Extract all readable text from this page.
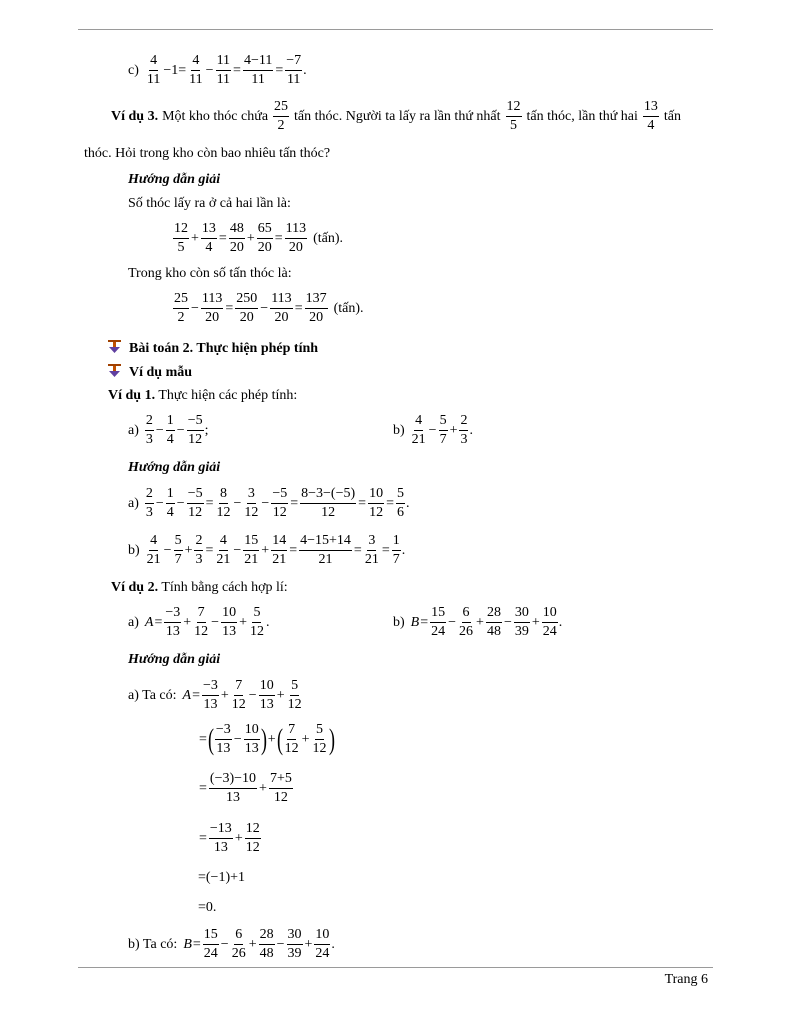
$c) \frac{4}{11} -1= \frac{4}{11} - \frac{11}{11} = \frac{4-11}{11} = \frac{-7}{11}$ .
Ví dụ 3. Một kho thóc chứa $\frac{25}{2}$ tấn thóc. Người ta lấy ra lần thứ nhất $\frac{12}{5}$ tấn thóc, lần thứ hai $\frac{13}{4}$ tấn
thóc. Hỏi trong kho còn bao nhiêu tấn thóc?
Hướng dẫn giải
Số thóc lấy ra ở cả hai lần là:
$\frac{12}{5} + \frac{13}{4} = \frac{48}{20} + \frac{65}{20} = \frac{113}{20}$ (tấn).
Trong kho còn số tấn thóc là:
$\frac{25}{2} - \frac{113}{20} = \frac{250}{20} - \frac{113}{20} = \frac{137}{20}$ (tấn).
Bài toán 2. Thực hiện phép tính
Ví dụ mẫu
Ví dụ 1. Thực hiện các phép tính:
$a) \frac{2}{3} - \frac{1}{4} - \frac{-5}{12}$ ;	$b) \frac{4}{21} - \frac{5}{7} + \frac{2}{3}$ .
Hướng dẫn giải
$a) \frac{2}{3} - \frac{1}{4} - \frac{-5}{12} = \frac{8}{12} - \frac{3}{12} - \frac{-5}{12} = \frac{8-3-(-5)}{12} = \frac{10}{12} = \frac{5}{6}$ .
$b) \frac{4}{21} - \frac{5}{7} + \frac{2}{3} = \frac{4}{21} - \frac{15}{21} + \frac{14}{21} = \frac{4-15+14}{21} = \frac{3}{21} = \frac{1}{7}$ .
Ví dụ 2. Tính bằng cách hợp lí:
a) $A = \frac{-3}{13} + \frac{7}{12} - \frac{10}{13} + \frac{5}{12}$ .	b) $B = \frac{15}{24} - \frac{6}{26} + \frac{28}{48} - \frac{30}{39} + \frac{10}{24}$ .
Hướng dẫn giải
a) Ta có: $A = \frac{-3}{13} + \frac{7}{12} - \frac{10}{13} + \frac{5}{12}$
= ( $\frac{-3}{13} - \frac{10}{13}$ ) + ( $\frac{7}{12} + \frac{5}{12}$ )
= $\frac{(-3)-10}{13} + \frac{7+5}{12}$
= $\frac{-13}{13} + \frac{12}{12}$
=(−1)+1
=0.
b) Ta có: $B = \frac{15}{24} - \frac{6}{26} + \frac{28}{48} - \frac{30}{39} + \frac{10}{24}$ .
Trang 6
